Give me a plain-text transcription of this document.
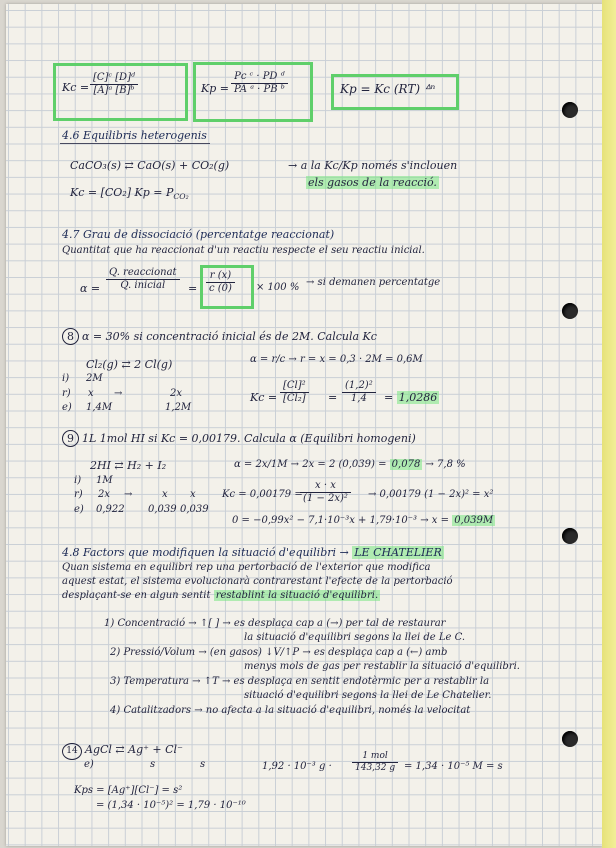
$Kc = \frac{\text{[C]ᶜ [D]ᵈ}}{\text{[A]ᵃ [B]ᵇ}}$	$Kp = \frac{\text{Pc ᶜ · PD ᵈ}}{\text{PA ᵃ · PB ᵇ}}$	Kp = Kc (RT) ᐞⁿ
4.6 Equilibris heterogenis
CaCO₃(s) ⇄ CaO(s) + CO₂(g)	→ a la Kc/Kp només s'inclouen
els gasos de la reacció.
Kc = [CO₂] $Kp = P_{CO_2}$
4.7 Grau de dissociació (percentatge reaccionat)
Quantitat que ha reaccionat d'un reactiu respecte el seu reactiu inicial.
$\alpha = \frac{\text{Q. reaccionat}}{\text{Q. inicial}} = \frac{r (x)}{c (0)} \times 100$ % → si demanen percentatge
8 α = 30% si concentració inicial és de 2M. Calcula Kc
Cl₂(g) ⇄ 2 Cl(g)	α = r/c → r = x = 0,3 · 2M = 0,6M
i) 2M
r) x →	2x
e) 1,4M	1,2M
$Kc = \frac{\text{[Cl]²}}{\text{[Cl₂]}} = \frac{\text{(1,2)²}}{1,4} = 1,0286$
9 1L 1mol HI si Kc = 0,00179. Calcula α (Equilibri homogeni)
2HI ⇄ H₂ + I₂	α = 2x/1M → 2x = 2 (0,039) = 0,078 → 7,8 %
i) 1M
r) 2x →	x x
e) 0,922 0,039 0,039
Kc = 0,00179 =
$\frac{x \cdot x}{\text{(1 − 2x)²}} \to 0,00179$ (1 − 2x)² = x²
0 = −0,99x² − 7,1·10⁻³x + 1,79·10⁻³ → x = 0,039M
4.8 Factors que modifiquen la situació d'equilibri → LE CHATELIER
Quan sistema en equilibri rep una pertorbació de l'exterior que modifica
aquest estat, el sistema evolucionarà contrarestant l'efecte de la pertorbació
desplaçant-se en algun sentit restablint la situació d'equilibri.
1) Concentració → ↑[ ] → es desplaça cap a (→) per tal de restaurar
la situació d'equilibri segons la llei de Le C.
2) Pressió/Volum → (en gasos) ↓V/↑P → es desplaça cap a (←) amb
menys mols de gas per restablir la situació d'equilibri.
3) Temperatura → ↑T → es desplaça en sentit endotèrmic per a restablir la
situació d'equilibri segons la llei de Le Chatelier.
4) Catalitzadors → no afecta a la situació d'equilibri, només la velocitat
14 AgCl ⇄ Ag⁺ + Cl⁻
e)	s	s	1,92 · 10⁻³ $g \cdot \frac{\text{1 mol}}{143,32 g} = 1,34 \cdot 10^{-5}$ M = s
Kps = [Ag⁺][Cl⁻] = s²
= (1,34 · 10⁻⁵)² = 1,79 · 10⁻¹⁰
